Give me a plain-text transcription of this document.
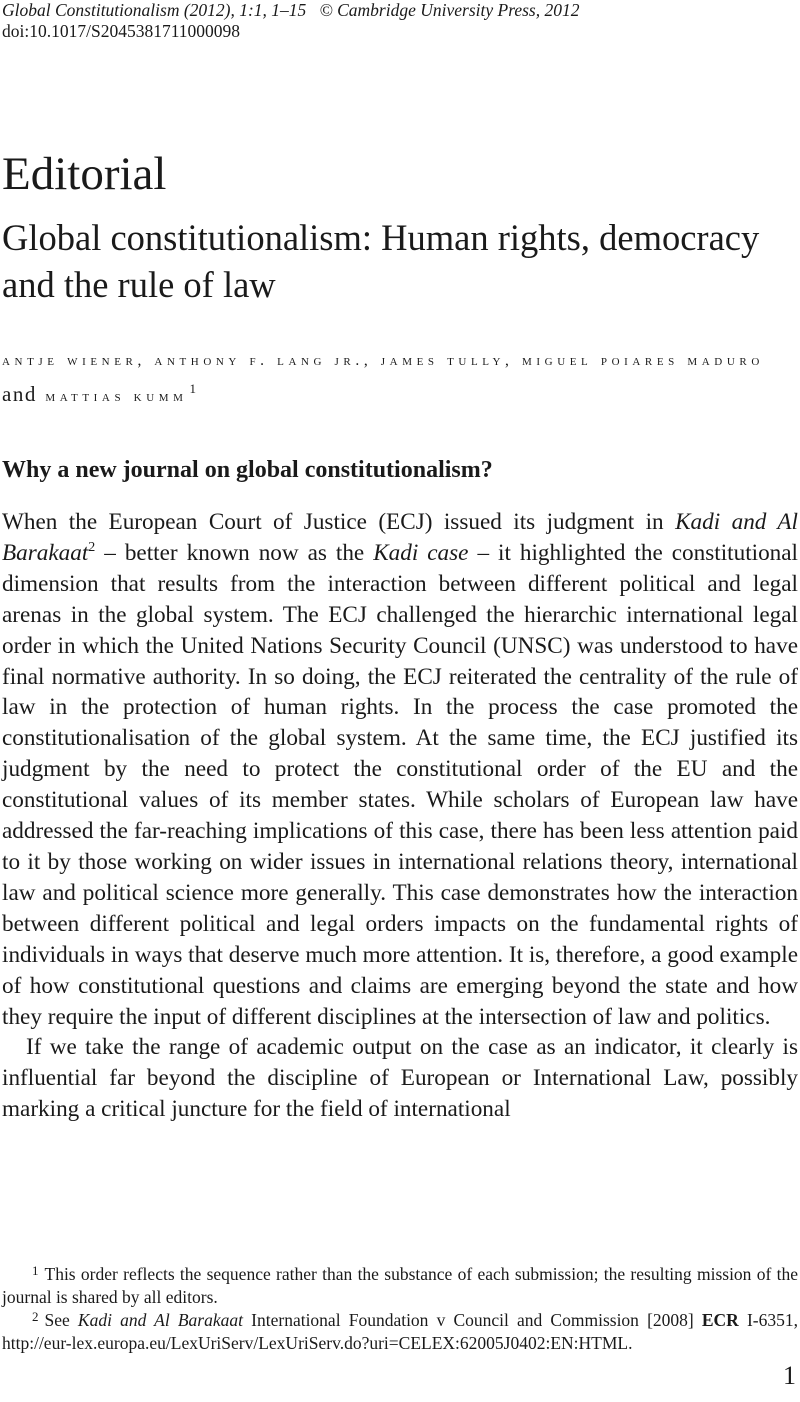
Global Constitutionalism (2012), 1:1, 1–15 © Cambridge University Press, 2012
doi:10.1017/S2045381711000098
Editorial
Global constitutionalism: Human rights, democracy and the rule of law
antje wiener, anthony f. lang jr., james tully, miguel poiares maduro and mattias kumm $^1$
Why a new journal on global constitutionalism?

When the European Court of Justice (ECJ) issued its judgment in Kadi and Al Barakaat$^2$ – better known now as the Kadi case – it highlighted the constitutional dimension that results from the interaction between different political and legal arenas in the global system. The ECJ challenged the hierarchic international legal order in which the United Nations Security Council (UNSC) was understood to have final normative authority. In so doing, the ECJ reiterated the centrality of the rule of law in the protection of human rights. In the process the case promoted the constitutionalisation of the global system. At the same time, the ECJ justified its judgment by the need to protect the constitutional order of the EU and the constitutional values of its member states. While scholars of European law have addressed the far-reaching implications of this case, there has been less attention paid to it by those working on wider issues in international relations theory, international law and political science more generally. This case demonstrates how the interaction between different political and legal orders impacts on the fundamental rights of individuals in ways that deserve much more attention. It is, therefore, a good example of how constitutional questions and claims are emerging beyond the state and how they require the input of different disciplines at the intersection of law and politics.

If we take the range of academic output on the case as an indicator, it clearly is influential far beyond the discipline of European or International Law, possibly marking a critical juncture for the field of international

1 This order reflects the sequence rather than the substance of each submission; the resulting mission of the journal is shared by all editors.

2 See Kadi and Al Barakaat International Foundation v Council and Commission [2008] ECR I-6351, http://eur-lex.europa.eu/LexUriServ/LexUriServ.do?uri=CELEX:62005J0402:EN:HTML.

1
